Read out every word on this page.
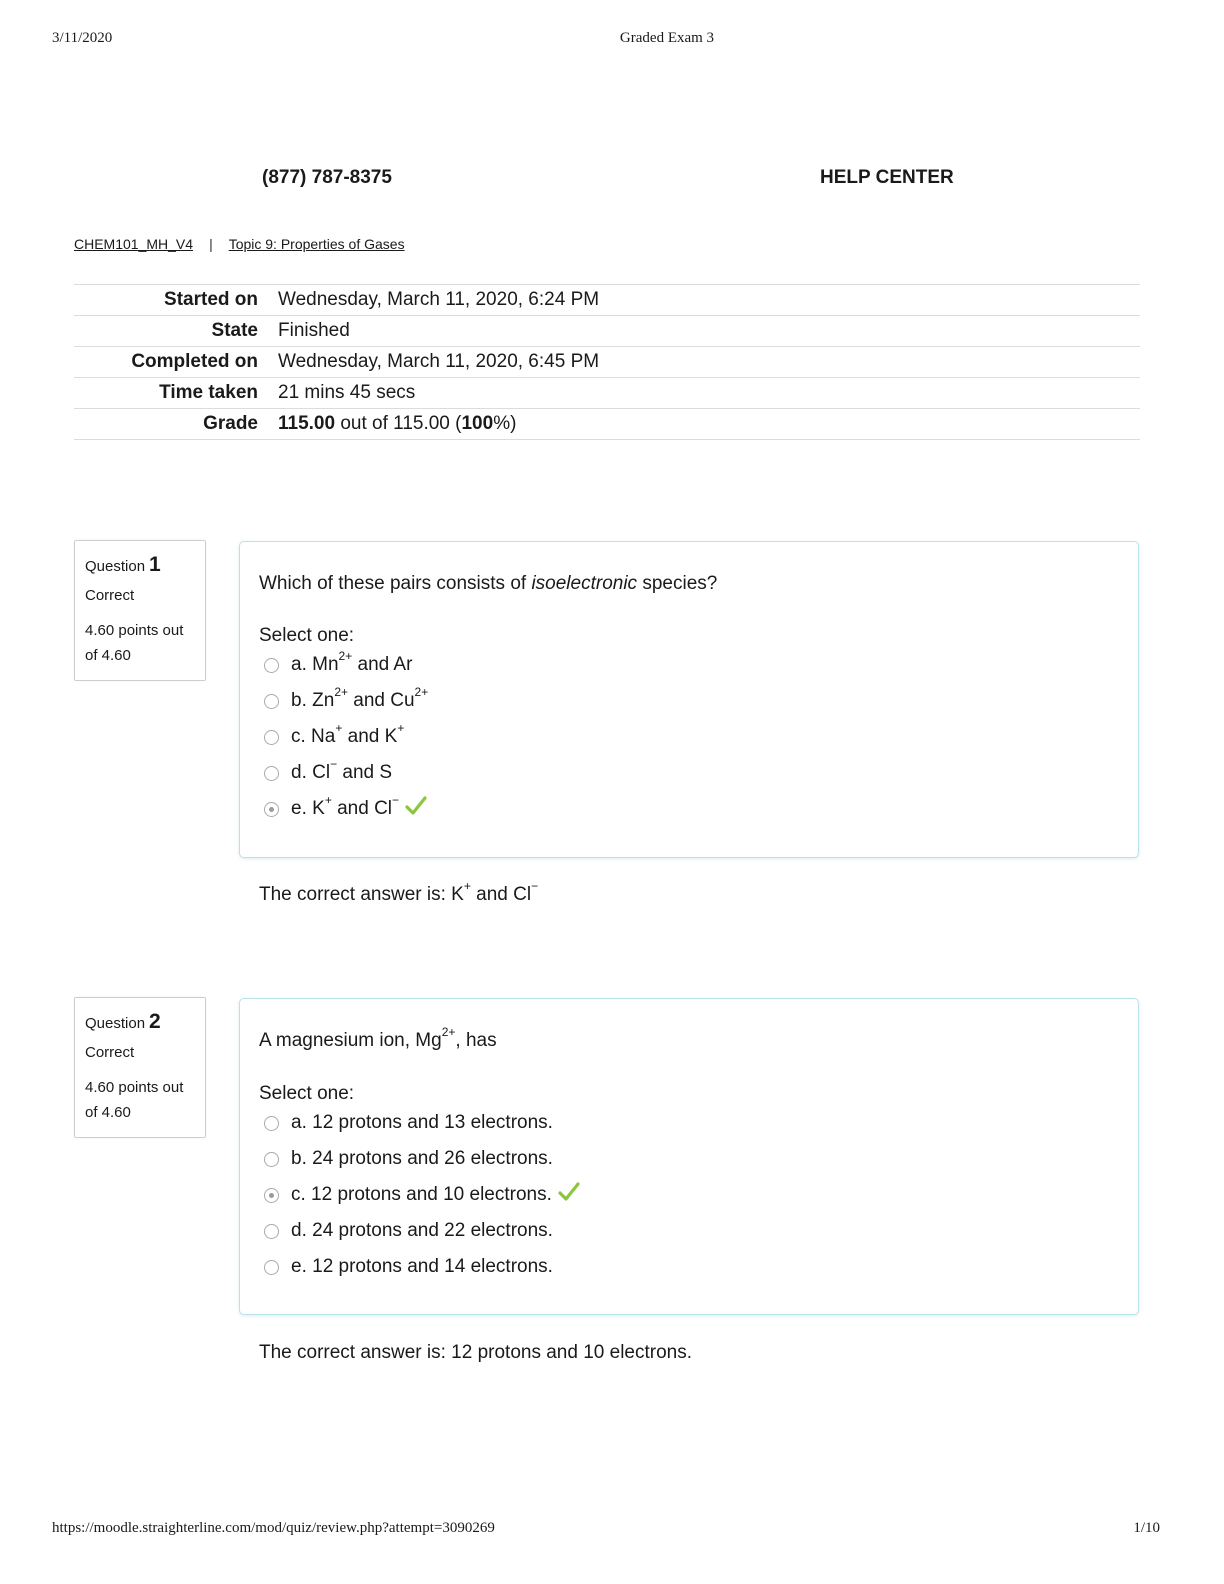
3/11/2020	Graded Exam 3
https://moodle.straighterline.com/mod/quiz/review.php?attempt=3090269	1/10
(877) 787-8375	HELP CENTER
CHEM101_MH_V4 | Topic 9: Properties of Gases
Started on	Wednesday, March 11, 2020, 6:24 PM
State	Finished
Completed on	Wednesday, March 11, 2020, 6:45 PM
Time taken	21 mins 45 secs
Grade	115.00 out of 115.00 (100%)
Question 1
Correct
4.60 points out of 4.60
Which of these pairs consists of isoelectronic species?
Select one:
a. $Mn^{2+}$ and Ar
b. $Zn^{2+}$ and $Cu^{2+}$
c. Na+ and K+
d. Cl− and S
e. K+ and Cl−
The correct answer is: K+ and Cl−
Question 2
Correct
4.60 points out of 4.60
A magnesium ion, $Mg^{2+}$, has
Select one:
a. 12 protons and 13 electrons.
b. 24 protons and 26 electrons.
c. 12 protons and 10 electrons.
d. 24 protons and 22 electrons.
e. 12 protons and 14 electrons.
The correct answer is: 12 protons and 10 electrons.
